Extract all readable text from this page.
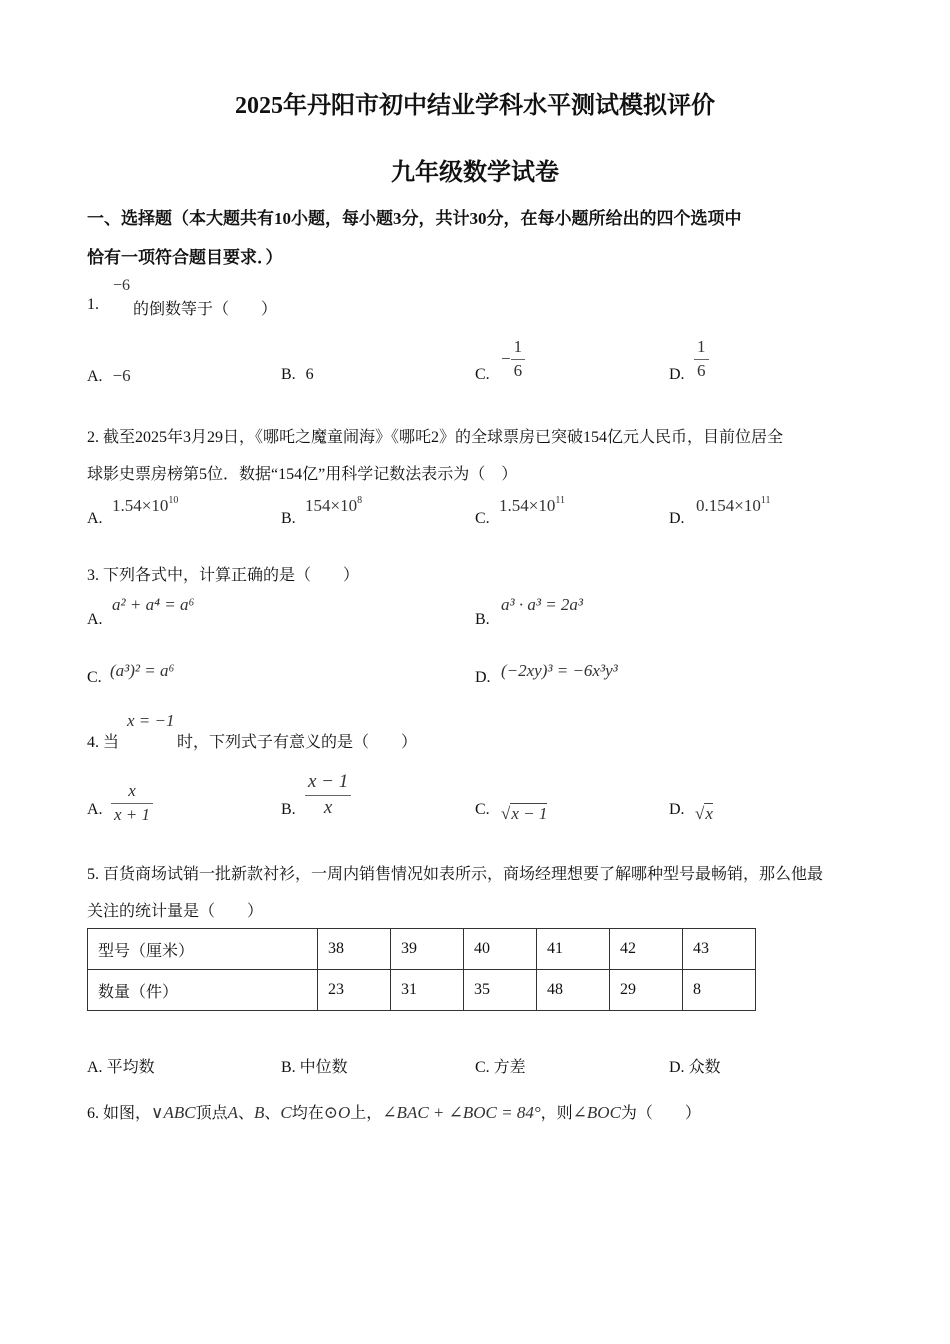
2025年丹阳市初中结业学科水平测试模拟评价
九年级数学试卷
一、选择题（本大题共有10小题，每小题3分，共计30分，在每小题所给出的四个选项中
恰有一项符合题目要求．）
1.
−6
的倒数等于（　　）
A. −6	B. 6	C.
− $\frac{1}{6}$	D. $\frac{1}{6}$
2. 截至2025年3月29日，《哪吒之魔童闹海》《哪吒2》的全球票房已突破154亿元人民币，目前位居全
球影史票房榜第5位．数据“154亿”用科学记数法表示为（　）
A.
$1.54\times 10^{10}$
B.
$154\times 10^8$
C.
$1.54\times 10^{11}$
D.
$0.154\times 10^{11}$
3. 下列各式中，计算正确的是（　　）
A.
a² + a⁴ = a⁶
B.
a³ · a³ = 2a³
C. (a³)² = a⁶	D. (−2xy)³ = −6x³y³
4. 当
x = −1
时，下列式子有意义的是（　　）
A. $\frac{x}{x + 1}$	B. $\frac{x - 1}{x}$	C. √x − 1	D. √x
5. 百货商场试销一批新款衬衫，一周内销售情况如表所示，商场经理想要了解哪种型号最畅销，那么他最
关注的统计量是（　　）
型号（厘米）	38	39	40	41	42	43
数量（件）	23	31	35	48	29	8
A. 平均数	B. 中位数	C. 方差	D. 众数
6. 如图，∨ABC顶点A、B、C均在⊙O上，∠BAC + ∠BOC = 84°，则∠BOC为（　　）
